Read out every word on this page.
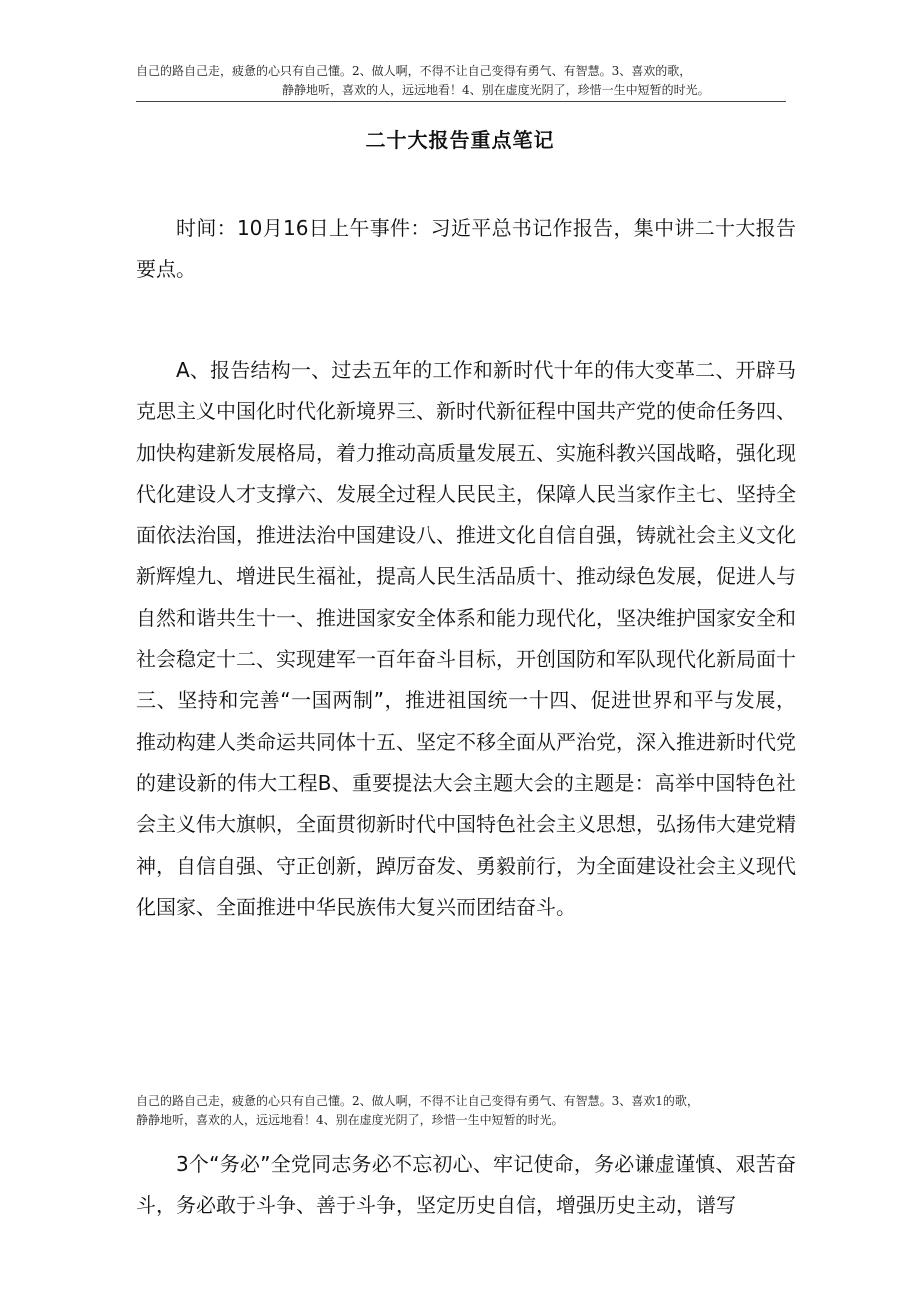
自己的路自己走，疲惫的心只有自己懂。2、做人啊，不得不让自己变得有勇气、有智慧。3、喜欢的歌，
静静地听，喜欢的人，远远地看！4、别在虚度光阴了，珍惜一生中短暂的时光。
二十大报告重点笔记

时间：10月16日上午事件：习近平总书记作报告，集中讲二十大报告要点。

A、报告结构一、过去五年的工作和新时代十年的伟大变革二、开辟马克思主义中国化时代化新境界三、新时代新征程中国共产党的使命任务四、加快构建新发展格局，着力推动高质量发展五、实施科教兴国战略，强化现代化建设人才支撑六、发展全过程人民民主，保障人民当家作主七、坚持全面依法治国，推进法治中国建设八、推进文化自信自强，铸就社会主义文化新辉煌九、增进民生福祉，提高人民生活品质十、推动绿色发展，促进人与自然和谐共生十一、推进国家安全体系和能力现代化，坚决维护国家安全和社会稳定十二、实现建军一百年奋斗目标，开创国防和军队现代化新局面十三、坚持和完善“一国两制”，推进祖国统一十四、促进世界和平与发展，推动构建人类命运共同体十五、坚定不移全面从严治党，深入推进新时代党的建设新的伟大工程B、重要提法大会主题大会的主题是：高举中国特色社会主义伟大旗帜，全面贯彻新时代中国特色社会主义思想，弘扬伟大建党精神，自信自强、守正创新，踔厉奋发、勇毅前行，为全面建设社会主义现代化国家、全面推进中华民族伟大复兴而团结奋斗。

自己的路自己走，疲惫的心只有自己懂。2、做人啊，不得不让自己变得有勇气、有智慧。3、喜欢1的歌，
静静地听，喜欢的人，远远地看！4、别在虚度光阴了，珍惜一生中短暂的时光。

3个“务必”全党同志务必不忘初心、牢记使命，务必谦虚谨慎、艰苦奋斗，务必敢于斗争、善于斗争，坚定历史自信，增强历史主动，谱写
